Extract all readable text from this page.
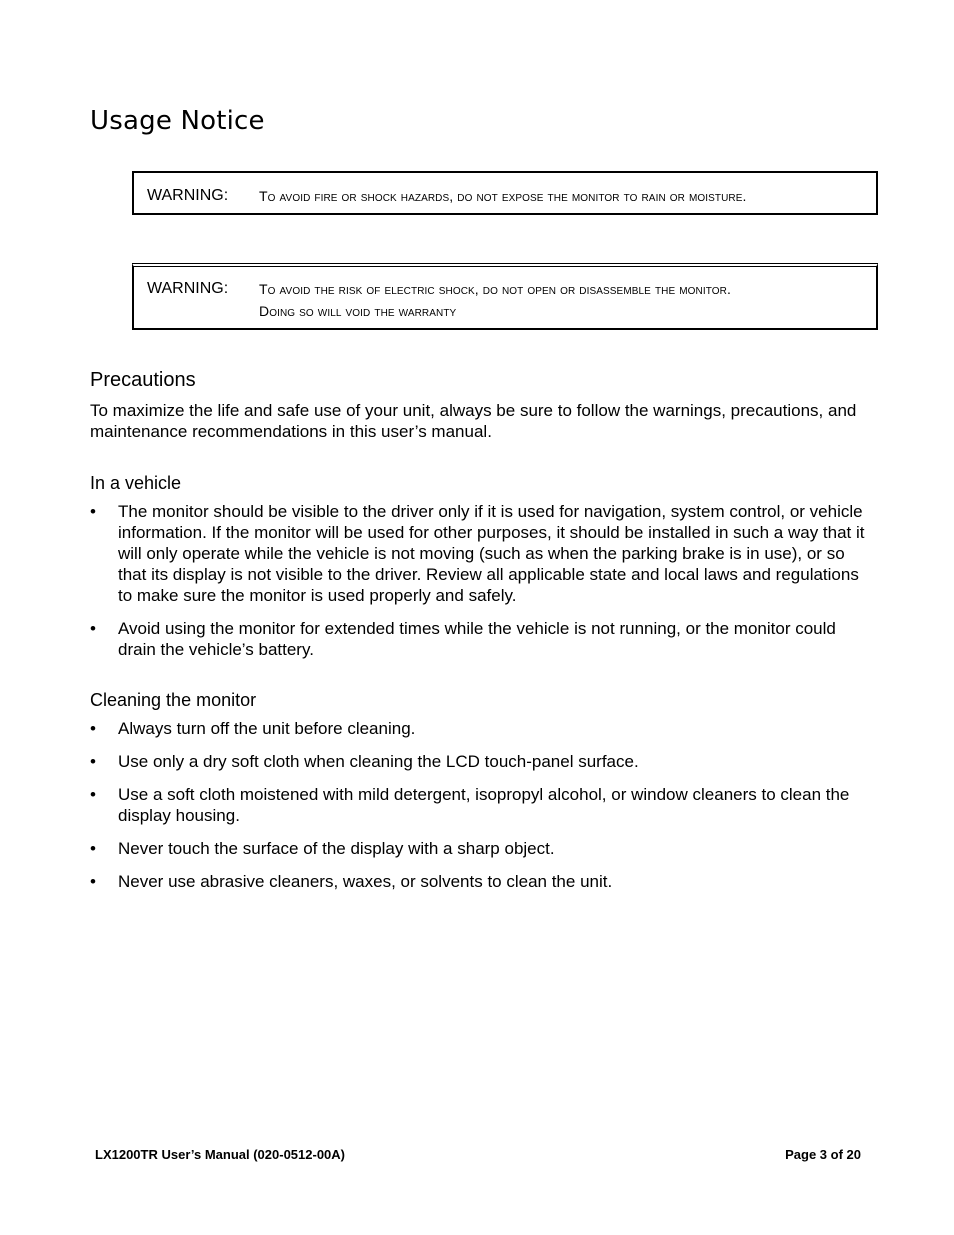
Usage Notice
WARNING:	To avoid fire or shock hazards, do not expose the monitor to rain or moisture.
WARNING:	To avoid the risk of electric shock, do not open or disassemble the monitor.
Doing so will void the warranty
Precautions

To maximize the life and safe use of your unit, always be sure to follow the warnings, precautions, and maintenance recommendations in this user’s manual.

In a vehicle
•	The monitor should be visible to the driver only if it is used for navigation, system control, or vehicle information. If the monitor will be used for other purposes, it should be installed in such a way that it will only operate while the vehicle is not moving (such as when the parking brake is in use), or so that its display is not visible to the driver. Review all applicable state and local laws and regulations to make sure the monitor is used properly and safely.
•	Avoid using the monitor for extended times while the vehicle is not running, or the monitor could drain the vehicle’s battery.
Cleaning the monitor
•	Always turn off the unit before cleaning.
•	Use only a dry soft cloth when cleaning the LCD touch-panel surface.
•	Use a soft cloth moistened with mild detergent, isopropyl alcohol, or window cleaners to clean the display housing.
•	Never touch the surface of the display with a sharp object.
•	Never use abrasive cleaners, waxes, or solvents to clean the unit.
LX1200TR User’s Manual (020-0512-00A)	Page 3 of 20
